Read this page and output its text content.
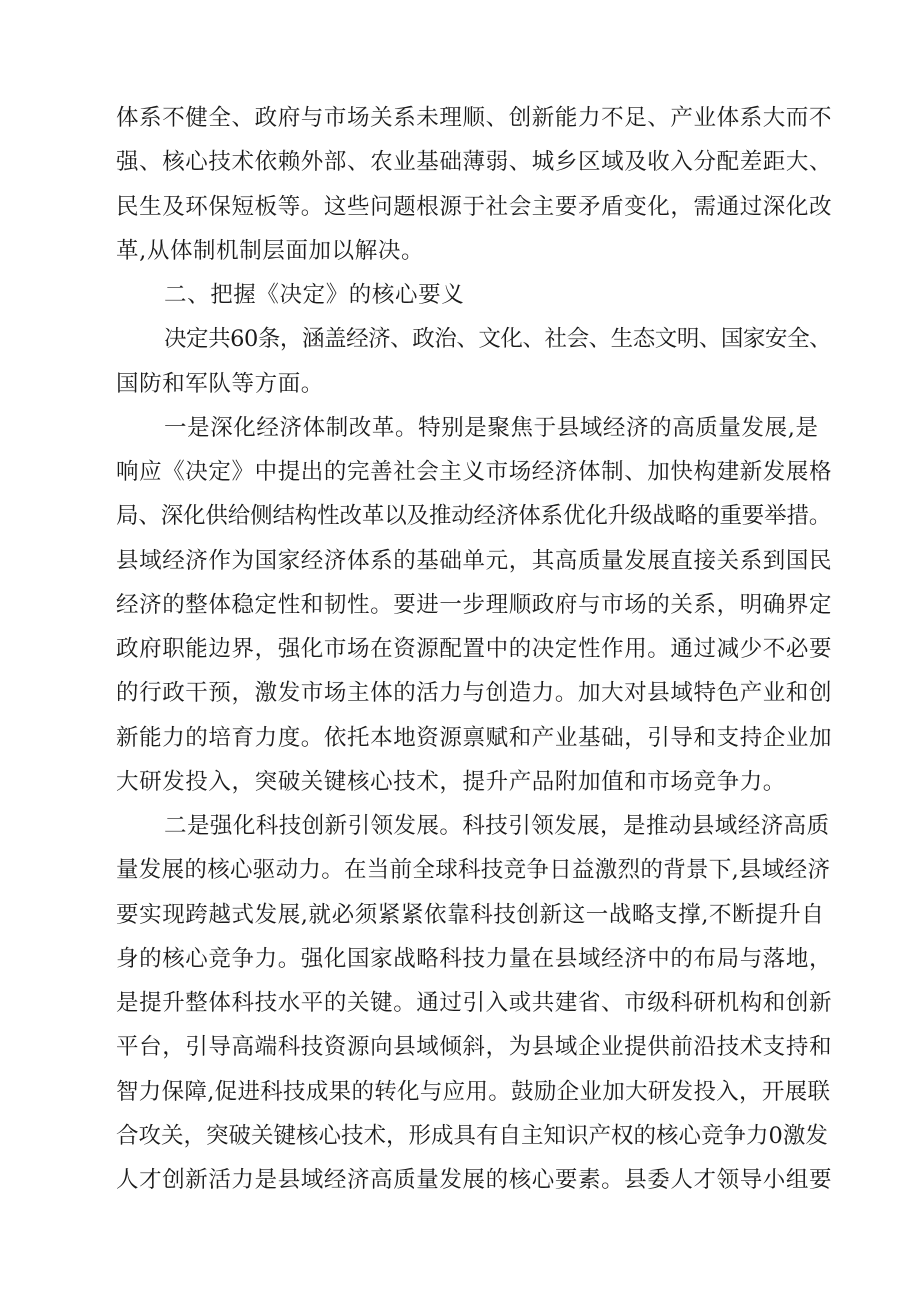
体系不健全、政府与市场关系未理顺、创新能力不足、产业体系大而不
强、核心技术依赖外部、农业基础薄弱、城乡区域及收入分配差距大、
民生及环保短板等。这些问题根源于社会主要矛盾变化，需通过深化改
革,从体制机制层面加以解决。

二、把握《决定》的核心要义

决定共60条，涵盖经济、政治、文化、社会、生态文明、国家安全、
国防和军队等方面。

一是深化经济体制改革。特别是聚焦于县域经济的高质量发展,是
响应《决定》中提出的完善社会主义市场经济体制、加快构建新发展格
局、深化供给侧结构性改革以及推动经济体系优化升级战略的重要举措。
县域经济作为国家经济体系的基础单元，其高质量发展直接关系到国民
经济的整体稳定性和韧性。要进一步理顺政府与市场的关系，明确界定
政府职能边界，强化市场在资源配置中的决定性作用。通过减少不必要
的行政干预，激发市场主体的活力与创造力。加大对县域特色产业和创
新能力的培育力度。依托本地资源禀赋和产业基础，引导和支持企业加
大研发投入，突破关键核心技术，提升产品附加值和市场竞争力。

二是强化科技创新引领发展。科技引领发展，是推动县域经济高质
量发展的核心驱动力。在当前全球科技竞争日益激烈的背景下,县域经济
要实现跨越式发展,就必须紧紧依靠科技创新这一战略支撑,不断提升自
身的核心竞争力。强化国家战略科技力量在县域经济中的布局与落地，
是提升整体科技水平的关键。通过引入或共建省、市级科研机构和创新
平台，引导高端科技资源向县域倾斜，为县域企业提供前沿技术支持和
智力保障,促进科技成果的转化与应用。鼓励企业加大研发投入，开展联
合攻关，突破关键核心技术，形成具有自主知识产权的核心竞争力0激发
人才创新活力是县域经济高质量发展的核心要素。县委人才领导小组要
